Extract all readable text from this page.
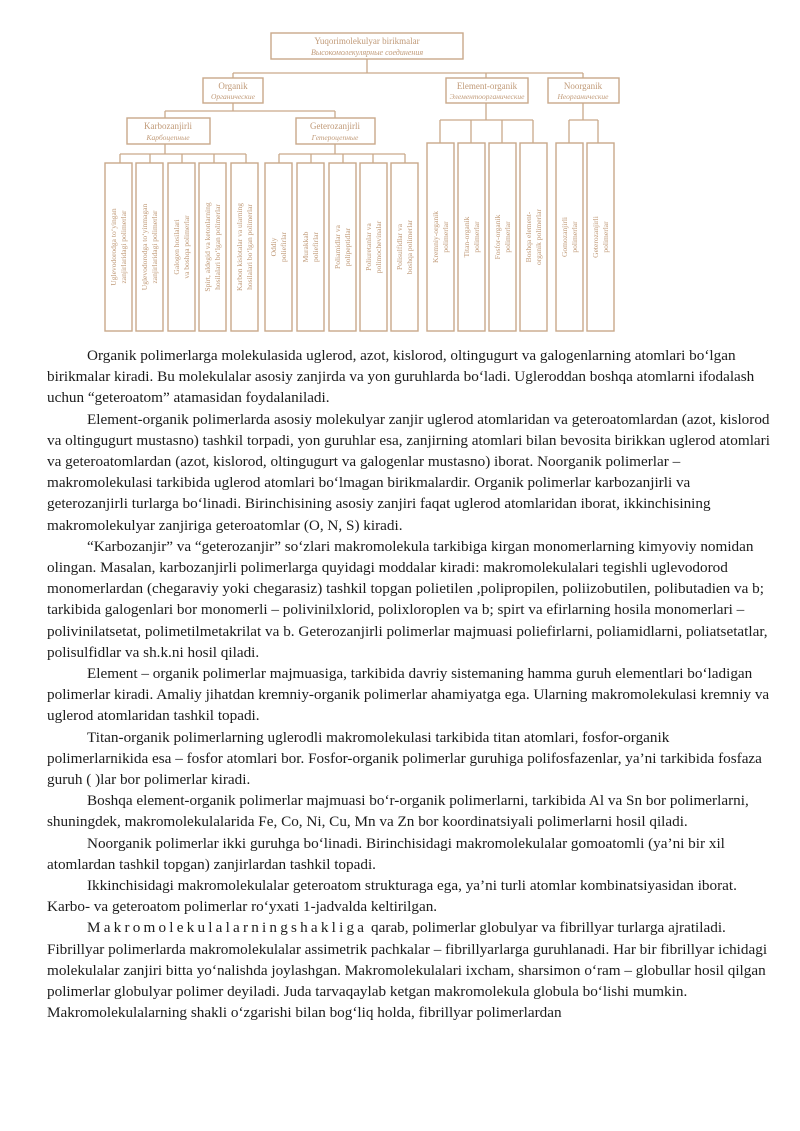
Yuqorimolekulyar birikmalar
Высокомолекулярные соединения
Organik
Органические
Element-organik
Элементоорганические
Noorganik
Неорганические
Karbozanjirli
Карбоцепные
Geterozanjirli
Гетероцепные
Uglevodorodga to‘yingan zanjirlaridagi polimerlar Uglevodorodga to‘yinmagan zanjirlaridagi polimerlar Galogen hosilalari va boshqa polimerlar Spirt, aldegid va ketonlarning hosilalari bo‘lgan polimerlar Karbon kislotalar va ularning hosilalari bo‘lgan polimerlar Oddiy poliefirlar Murakkab poliefirlar Poliamidlar va polipeptidlar Poliuretanlar va polimochevinalar Polisulfidlar va boshqa polimerlar Kremniy-organik polimerlar Titan-organik polimerlar Fosfor-organik polimerlar Boshqa element- organik polimerlar Gomozanjirli polimerlar Geterozanjirli polimerlar

Organik polimerlarga molekulasida uglerod, azot, kislorod, oltingugurt va galogenlarning atomlari bo‘lgan birikmalar kiradi. Bu molekulalar asosiy zanjirda va yon guruhlarda bo‘ladi. Ugleroddan boshqa atomlarni ifodalash uchun “geteroatom” atamasidan foydalaniladi.

Element-organik polimerlarda asosiy molekulyar zanjir uglerod atomlaridan va geteroatomlardan (azot, kislorod va oltingugurt mustasno) tashkil torpadi, yon guruhlar esa, zanjirning atomlari bilan bevosita birikkan uglerod atomlari va geteroatomlardan (azot, kislorod, oltingugurt va galogenlar mustasno) iborat. Noorganik polimerlar – makromolekulasi tarkibida uglerod atomlari bo‘lmagan birikmalardir. Organik polimerlar karbozanjirli va geterozanjirli turlarga bo‘linadi. Birinchisining asosiy zanjiri faqat uglerod atomlaridan iborat, ikkinchisining makromolekulyar zanjiriga geteroatomlar (O, N, S) kiradi.

“Karbozanjir” va “geterozanjir” so‘zlari makromolekula tarkibiga kirgan monomerlarning kimyoviy nomidan olingan. Masalan, karbozanjirli polimerlarga quyidagi moddalar kiradi: makromolekulalari tegishli uglevodorod monomerlardan (chegaraviy yoki chegarasiz) tashkil topgan polietilen ,polipropilen, poliizobutilen, polibutadien va b; tarkibida galogenlari bor monomerli – polivinilxlorid, polixloroplen va b; spirt va efirlarning hosila monomerlari – polivinilatsetat, polimetilmetakrilat va b. Geterozanjirli polimerlar majmuasi poliefirlarni, poliamidlarni, poliatsetatlar, polisulfidlar va sh.k.ni hosil qiladi.

Element – organik polimerlar majmuasiga, tarkibida davriy sistemaning hamma guruh elementlari bo‘ladigan polimerlar kiradi. Amaliy jihatdan kremniy-organik polimerlar ahamiyatga ega. Ularning makromolekulasi kremniy va uglerod atomlaridan tashkil topadi.

Titan-organik polimerlarning uglerodli makromolekulasi tarkibida titan atomlari, fosfor-organik polimerlarnikida esa – fosfor atomlari bor. Fosfor-organik polimerlar guruhiga polifosfazenlar, ya’ni tarkibida fosfaza guruh ( )lar bor polimerlar kiradi.

Boshqa element-organik polimerlar majmuasi bo‘r-organik polimerlarni, tarkibida Al va Sn bor polimerlarni, shuningdek, makromolekulalarida Fe, Co, Ni, Cu, Mn va Zn bor koordinatsiyali polimerlarni hosil qiladi.

Noorganik polimerlar ikki guruhga bo‘linadi. Birinchisidagi makromolekulalar gomoatomli (ya’ni bir xil atomlardan tashkil topgan) zanjirlardan tashkil topadi.

Ikkinchisidagi makromolekulalar geteroatom strukturaga ega, ya’ni turli atomlar kombinatsiyasidan iborat. Karbo- va geteroatom polimerlar ro‘yxati 1-jadvalda keltirilgan.

Makromolekulalarningshakliga qarab, polimerlar globulyar va fibrillyar turlarga ajratiladi. Fibrillyar polimerlarda makromolekulalar assimetrik pachkalar – fibrillyarlarga guruhlanadi. Har bir fibrillyar ichidagi molekulalar zanjiri bitta yo‘nalishda joylashgan. Makromolekulalari ixcham, sharsimon o‘ram – globullar hosil qilgan polimerlar globulyar polimer deyiladi. Juda tarvaqaylab ketgan makromolekula globula bo‘lishi mumkin. Makromolekulalarning shakli o‘zgarishi bilan bog‘liq holda, fibrillyar polimerlardan
